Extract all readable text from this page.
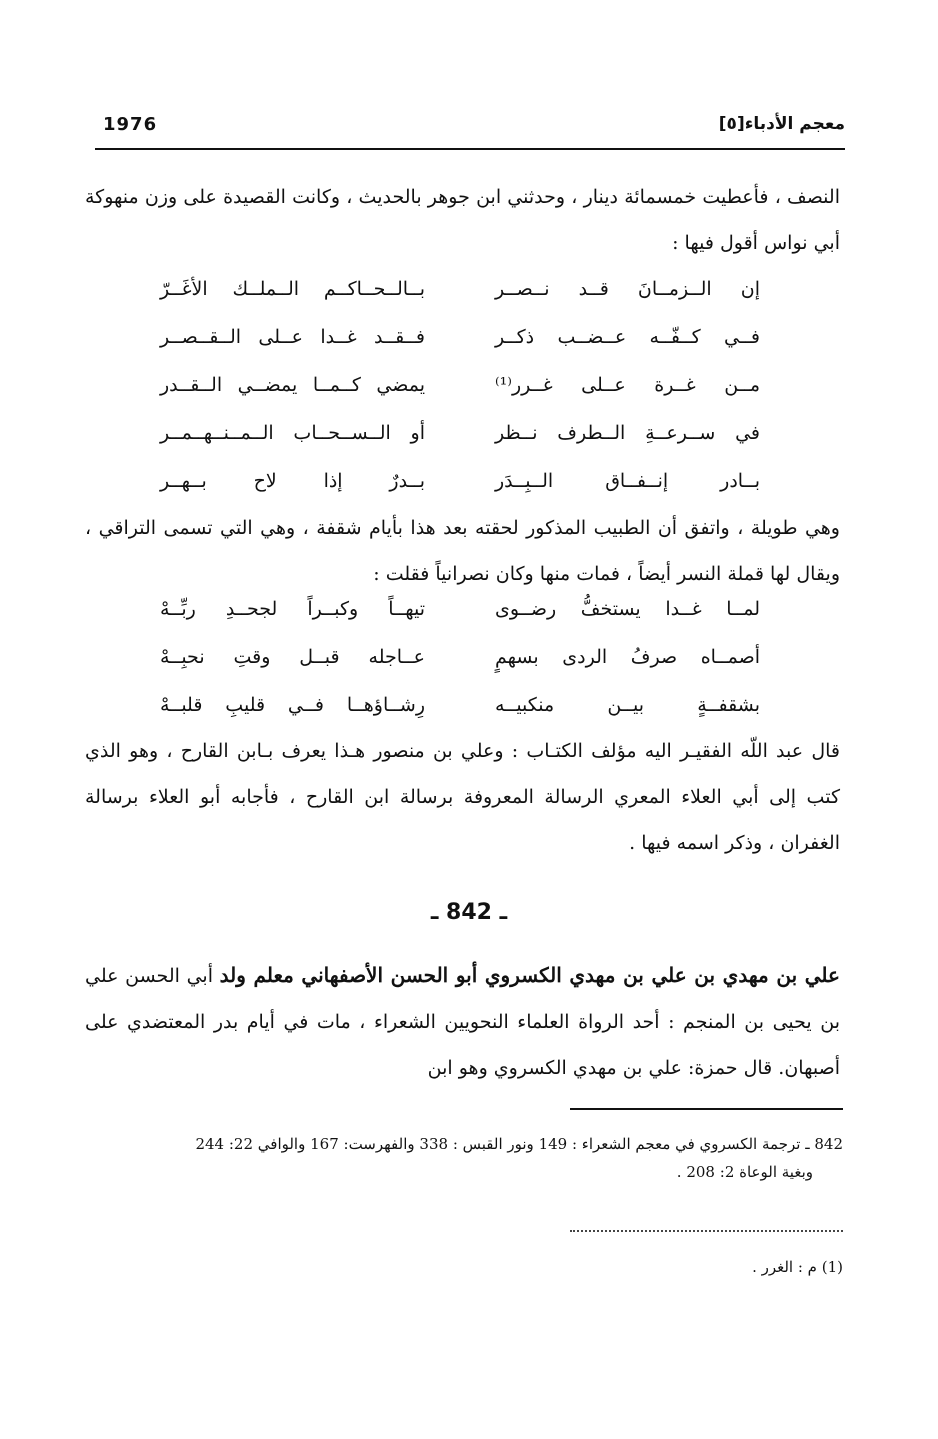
1976	معجم الأدباء[٥]
النصف ، فأعطيت خمسمائة دينار ، وحدثني ابن جوهر بالحديث ، وكانت القصيدة على وزن منهوكة أبي نواس أقول فيها :
إن الــزمــانَ قــد نــصــر
بــالــحــاكــم الــملــك الأغَــرّ
فــي كــفّــه عــضــب ذكــر
فــقــد غــدا عــلى الــقــصــر
مــن غــرة عــلى غــرر⁽¹⁾
يمضي كــمــا يمضــي الــقــدر
في ســرعــةِ الــطرف نــظر
أو الــســحــاب الــمــنــهــمــر
بــادر إنــفــاق الــبِــدَر
بــدرٌ إذا لاح بــهــر
وهي طويلة ، واتفق أن الطبيب المذكور لحقته بعد هذا بأيام شقفة ، وهي التي تسمى التراقي ، ويقال لها قملة النسر أيضاً ، فمات منها وكان نصرانياً فقلت :
لمــا غــدا يستخفُّ رضــوى
تيهــاً وكبــراً لجحــدِ ربِّــهْ
أصمــاه صرفُ الردى بسهمٍ
عــاجله قبــل وقتِ نحبِــهْ
بشقفــةٍ بيــن منكبيــه
رِشــاؤهــا فــي قليبِ قلبــهْ
قال عبد اللّه الفقيـر اليه مؤلف الكتـاب : وعلي بن منصور هـذا يعرف بـابن القارح ، وهو الذي كتب إلى أبي العلاء المعري الرسالة المعروفة برسالة ابن القارح ، فأجابه أبو العلاء برسالة الغفران ، وذكر اسمه فيها .
ـ 842 ـ
علي بن مهدي بن علي بن مهدي الكسروي أبو الحسن الأصفهاني معلم ولد أبي الحسن علي بن يحيى بن المنجم : أحد الرواة العلماء النحويين الشعراء ، مات في أيام بدر المعتضدي على أصبهان. قال حمزة: علي بن مهدي الكسروي وهو ابن
842 ـ ترجمة الكسروي في معجم الشعراء : 149 ونور القبس : 338 والفهرست: 167 والوافي 22: 244
وبغية الوعاة 2: 208 .
(1) م : الغرر .
